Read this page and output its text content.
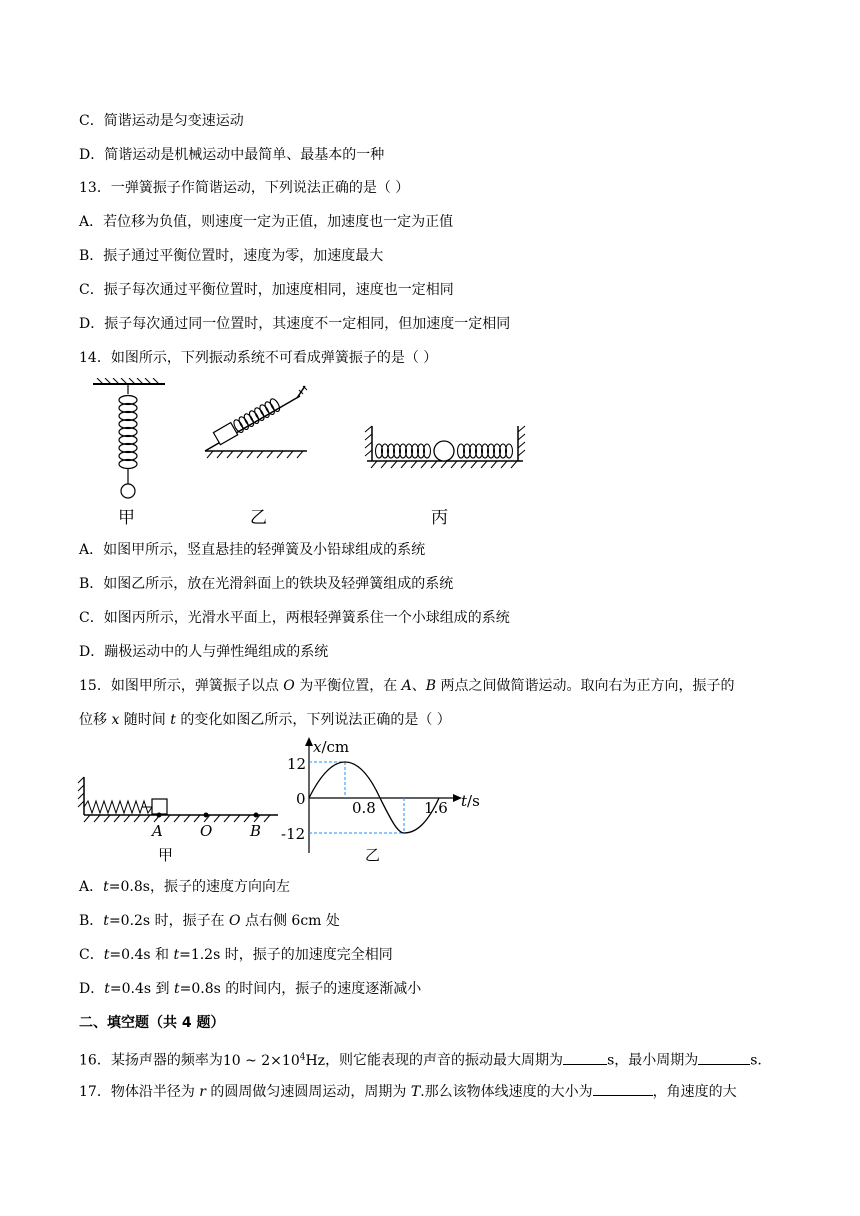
C．简谐运动是匀变速运动
D．简谐运动是机械运动中最简单、最基本的一种
13．一弹簧振子作简谐运动，下列说法正确的是（ ）
A．若位移为负值，则速度一定为正值，加速度也一定为正值
B．振子通过平衡位置时，速度为零，加速度最大
C．振子每次通过平衡位置时，加速度相同，速度也一定相同
D．振子每次通过同一位置时，其速度不一定相同，但加速度一定相同
14．如图所示，下列振动系统不可看成弹簧振子的是（ ）
甲	乙	丙
A．如图甲所示，竖直悬挂的轻弹簧及小铅球组成的系统
B．如图乙所示，放在光滑斜面上的铁块及轻弹簧组成的系统
C．如图丙所示，光滑水平面上，两根轻弹簧系住一个小球组成的系统
D．蹦极运动中的人与弹性绳组成的系统
15．如图甲所示，弹簧振子以点 O 为平衡位置，在 A、B 两点之间做简谐运动。取向右为正方向，振子的
位移 x 随时间 t 的变化如图乙所示，下列说法正确的是（ ）
A O	B
甲
x/cm
12
0
-12
0.8	1.6 t/s
乙
A．t=0.8s，振子的速度方向向左
B．t=0.2s 时，振子在 O 点右侧 6cm 处
C．t=0.4s 和 t=1.2s 时，振子的加速度完全相同
D．t=0.4s 到 t=0.8s 的时间内，振子的速度逐渐减小
二、填空题（共 4 题）
16．某扬声器的频率为10 ~ $2\times 10^4Hz$，则它能表现的声音的振动最大周期为	s，最小周期为	s.
17．物体沿半径为 r 的圆周做匀速圆周运动，周期为 T.那么该物体线速度的大小为	，角速度的大
